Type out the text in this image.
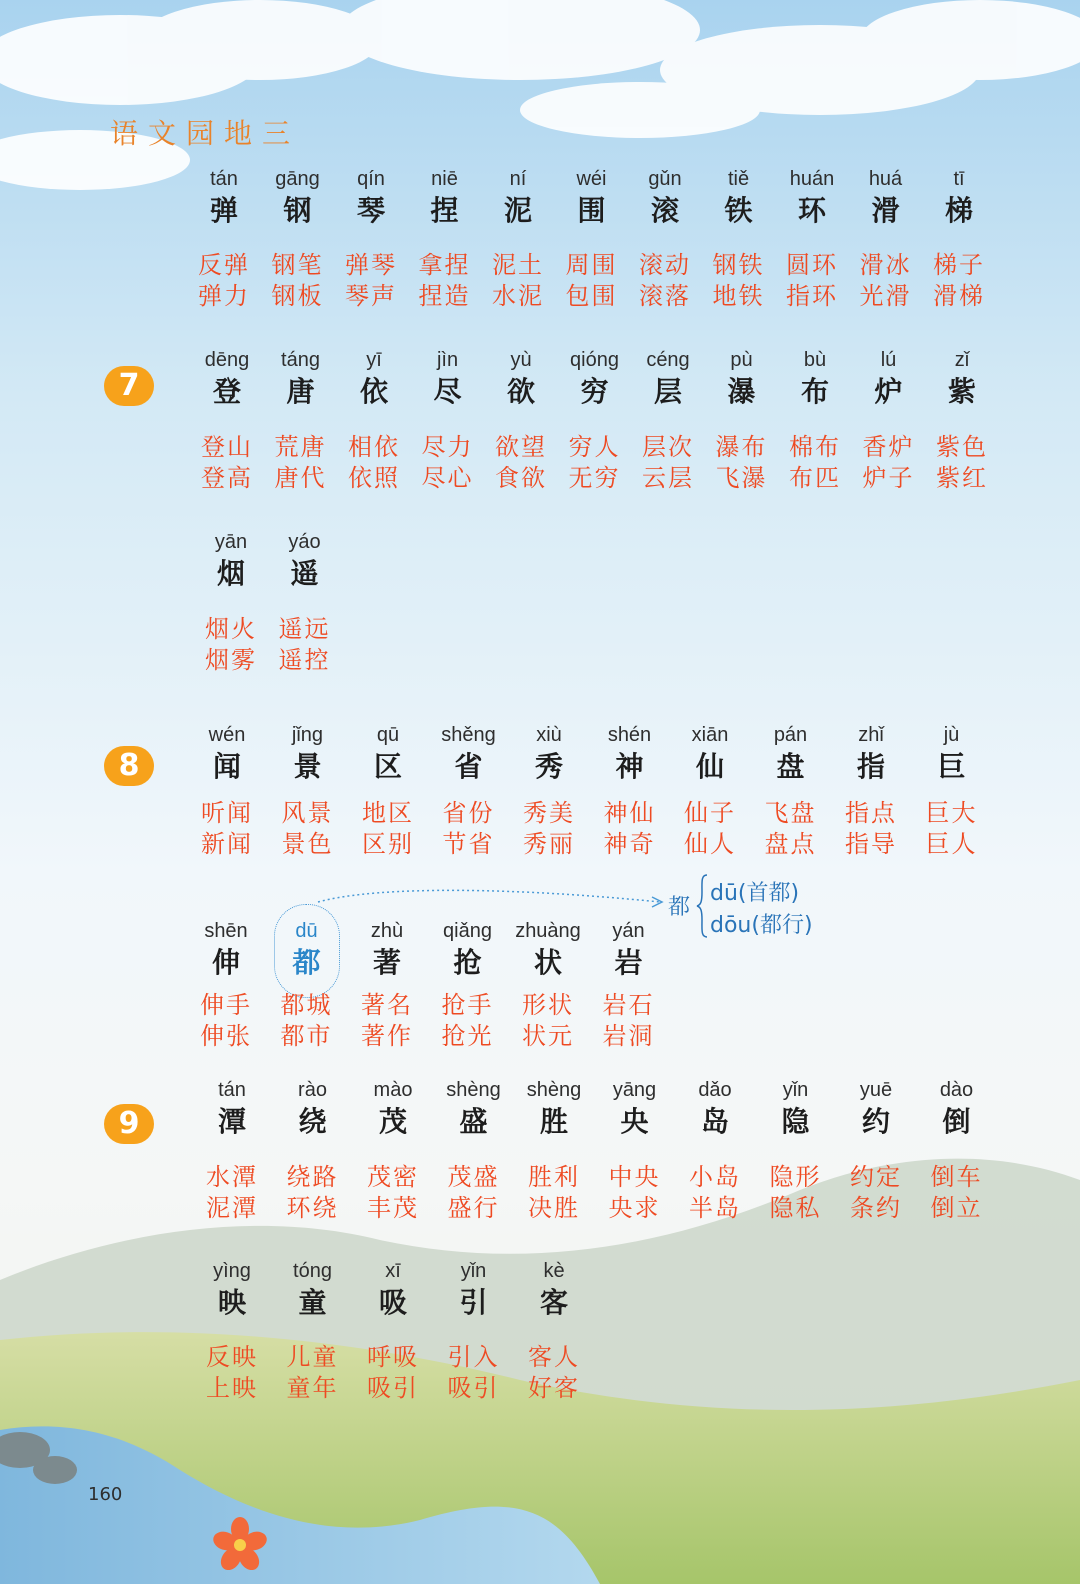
语文园地三
tán
弹
反弹
弹力
gāng
钢
钢笔
钢板
qín
琴
弹琴
琴声
niē
捏
拿捏
捏造
ní
泥
泥土
水泥
wéi
围
周围
包围
gǔn
滚
滚动
滚落
tiě
铁
钢铁
地铁
huán
环
圆环
指环
huá
滑
滑冰
光滑
tī
梯
梯子
滑梯
7
dēng
登
登山
登高
táng
唐
荒唐
唐代
yī
依
相依
依照
jìn
尽
尽力
尽心
yù
欲
欲望
食欲
qióng
穷
穷人
无穷
céng
层
层次
云层
pù
瀑
瀑布
飞瀑
bù
布
棉布
布匹
lú
炉
香炉
炉子
zǐ
紫
紫色
紫红
yān
烟
烟火
烟雾
yáo
遥
遥远
遥控
8
wén
闻
听闻
新闻
jǐng
景
风景
景色
qū
区
地区
区别
shěng
省
省份
节省
xiù
秀
秀美
秀丽
shén
神
神仙
神奇
xiān
仙
仙子
仙人
pán
盘
飞盘
盘点
zhǐ
指
指点
指导
jù
巨
巨大
巨人
shēn
伸
伸手
伸张
dū
都
都城
都市
zhù
著
著名
著作
qiǎng
抢
抢手
抢光
zhuàng
状
形状
状元
yán
岩
岩石
岩洞
9
tán
潭
水潭
泥潭
rào
绕
绕路
环绕
mào
茂
茂密
丰茂
shèng
盛
茂盛
盛行
shèng
胜
胜利
决胜
yāng
央
中央
央求
dǎo
岛
小岛
半岛
yǐn
隐
隐形
隐私
yuē
约
约定
条约
dào
倒
倒车
倒立
yìng
映
反映
上映
tóng
童
儿童
童年
xī
吸
呼吸
吸引
yǐn
引
引入
吸引
kè
客
客人
好客
都
dū(首都)
dōu(都行)
160
